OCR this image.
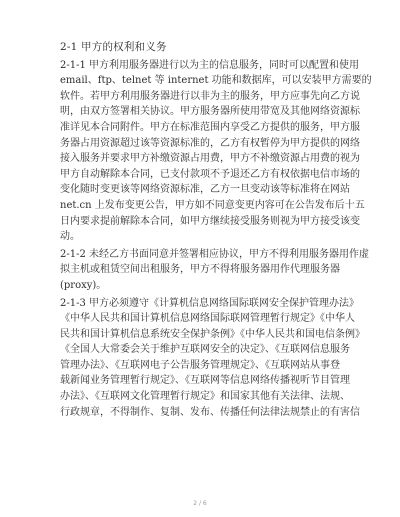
2-1 甲方的权利和义务
2-1-1 甲方利用服务器进行以为主的信息服务，同时可以配置和使用
email、ftp、telnet 等 internet 功能和数据库，可以安装甲方需要的
软件。若甲方利用服务器进行以非为主的服务，甲方应事先向乙方说
明，由双方签署相关协议。甲方服务器所使用带宽及其他网络资源标
准详见本合同附件。甲方在标准范围内享受乙方提供的服务，甲方服
务器占用资源超过该等资源标准的，乙方有权暂停为甲方提供的网络
接入服务并要求甲方补缴资源占用费，甲方不补缴资源占用费的视为
甲方自动解除本合同，已支付款项不予退还乙方有权依据电信市场的
变化随时变更该等网络资源标准，乙方一旦变动该等标准将在网站
net.cn 上发布变更公告，甲方如不同意变更内容可在公告发布后十五
日内要求提前解除本合同，如甲方继续接受服务则视为甲方接受该变
动。
2-1-2 未经乙方书面同意并签署相应协议，甲方不得利用服务器用作虚
拟主机或租赁空间出租服务，甲方不得将服务器用作代理服务器
(proxy)。
2-1-3 甲方必须遵守《计算机信息网络国际联网安全保护管理办法》
《中华人民共和国计算机信息网络国际联网管理暂行规定》《中华人
民共和国计算机信息系统安全保护条例》《中华人民共和国电信条例》
《全国人大常委会关于维护互联网安全的决定》、《互联网信息服务
管理办法》、《互联网电子公告服务管理规定》、《互联网站从事登
载新闻业务管理暂行规定》、《互联网等信息网络传播视听节目管理
办法》、《互联网文化管理暂行规定》和国家其他有关法律、法规、
行政规章，不得制作、复制、发布、传播任何法律法规禁止的有害信
2 / 6
